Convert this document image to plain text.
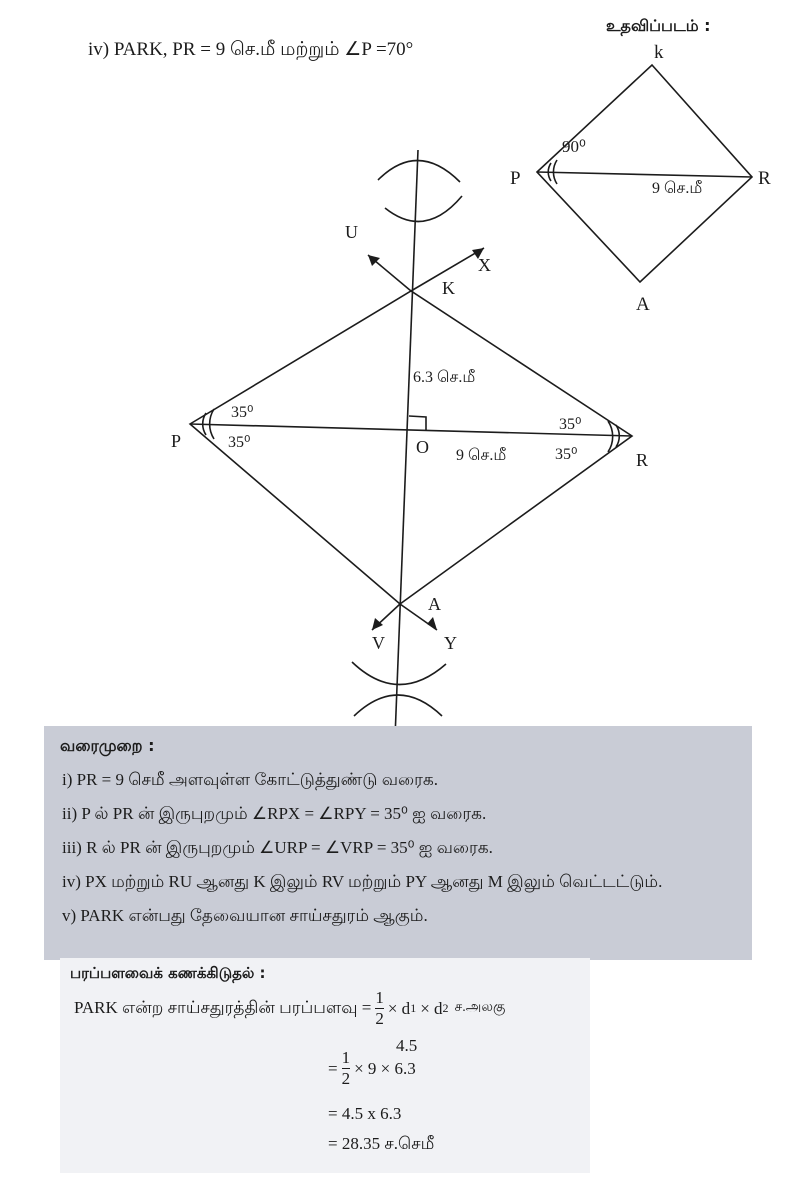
iv) PARK, PR = 9 செ.மீ மற்றும் ∠P =70°
உதவிப்படம் :
k
P	R
A
90⁰
9 செ.மீ
U
X
K
6.3 செ.மீ
P
R
O 9 செ.மீ
35⁰
35⁰
35⁰
35⁰
A
V	Y
வரைமுறை :
i) PR = 9 செமீ அளவுள்ள கோட்டுத்துண்டு வரைக.
ii) P ல் PR ன் இருபுறமும் ∠RPX = ∠RPY = 35⁰ ஐ வரைக.
iii) R ல் PR ன் இருபுறமும் ∠URP = ∠VRP = 35⁰ ஐ வரைக.
iv) PX மற்றும் RU ஆனது K இலும் RV மற்றும் PY ஆனது M இலும் வெட்டட்டும்.
v) PARK என்பது தேவையான சாய்சதுரம் ஆகும்.
பரப்பளவைக் கணக்கிடுதல் :
PARK என்ற சாய்சதுரத்தின் பரப்பளவு = $\frac{1}{2} \times d$ 1 × d 2 ச.அலகு
4.5
= $\frac{1}{2} \times 9 \times 6.3$
= 4.5 x 6.3
= 28.35 ச.செமீ
